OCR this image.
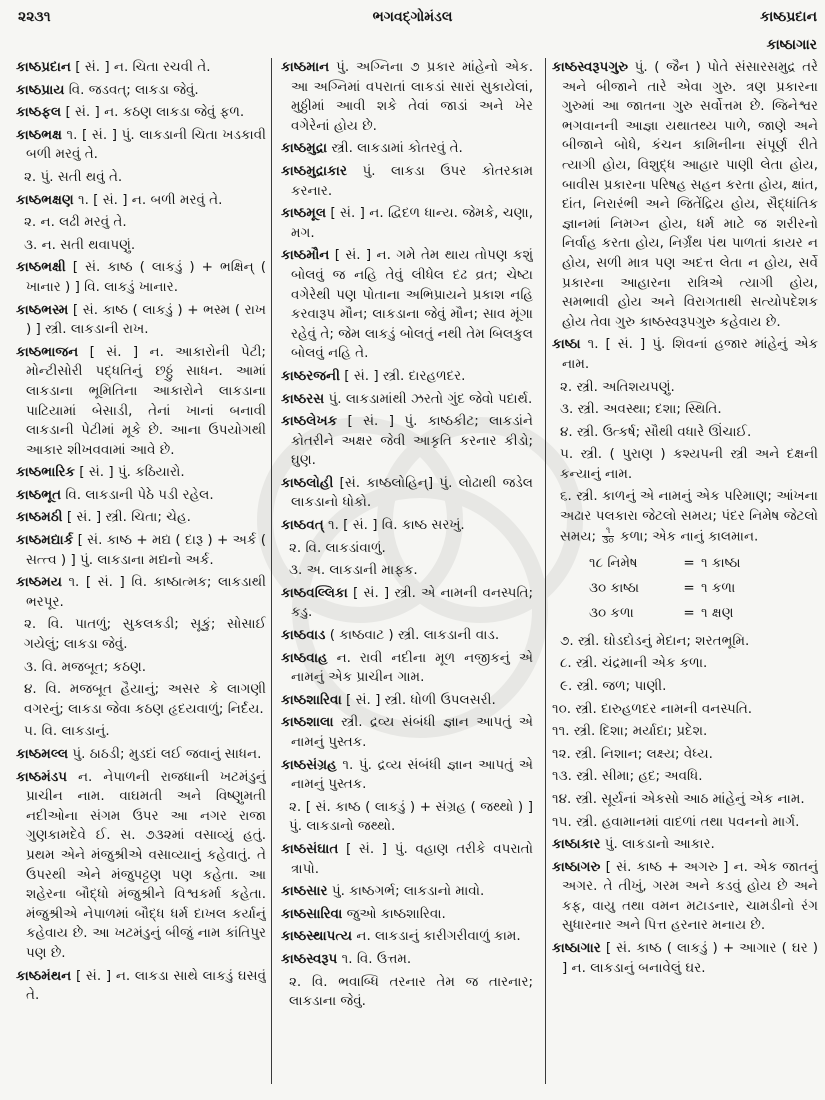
૨૨૩૧	ભગવદ્ગોમંડલ	કાષ્ઠપ્રદાન
કાષ્ઠાગાર

કાષ્ઠપ્રદાન [ સં. ] ન. ચિતા રચવી તે.

કાષ્ઠપ્રાય વિ. જડવત્; લાકડા જેવું.

કાષ્ઠફલ [ સં. ] ન. કઠણ લાકડા જેવું ફળ.

કાષ્ઠભક્ષ ૧. [ સં. ] પું. લાકડાની ચિતા ખડકાવી બળી મરવું તે.

૨. પું. સતી થવું તે.

કાષ્ઠભક્ષણ ૧. [ સં. ] ન. બળી મરવું તે.

૨. ન. લઢી મરવું તે.

૩. ન. સતી થવાપણું.

કાષ્ઠભક્ષી [ સં. કાષ્ઠ ( લાકડું ) + ભક્ષિન્ ( ખાનાર ) ] વિ. લાકડું ખાનાર.

કાષ્ઠભસ્મ [ સં. કાષ્ઠ ( લાકડું ) + ભસ્મ ( રાખ ) ] સ્ત્રી. લાકડાની રાખ.

કાષ્ઠભાજન [ સં. ] ન. આકારોની પેટી; મોન્ટીસોરી પદ્ધતિનું છઠ્ઠું સાધન. આમાં લાકડાના ભૂમિતિના આકારોને લાકડાના પાટિયામાં બેસાડી, તેનાં ખાનાં બનાવી લાકડાની પેટીમાં મૂકે છે. આના ઉપયોગથી આકાર શીખવવામાં આવે છે.

કાષ્ઠભારિક [ સં. ] પું. કઠિયારો.

કાષ્ઠભૂત વિ. લાકડાની પેઠે પડી રહેલ.

કાષ્ઠમઠી [ સં. ] સ્ત્રી. ચિતા; ચેહ.

કાષ્ઠમદ્યાર્ક [ સં. કાષ્ઠ + મદ્ય ( દારૂ ) + અર્ક ( સત્ત્વ ) ] પું. લાકડાના મદ્યનો અર્ક.

કાષ્ઠમય ૧. [ સં. ] વિ. કાષ્ઠાત્મક; લાકડાથી ભરપૂર.

૨. વિ. પાતળું; સુકલકડી; સૂકું; સોસાઈ ગયેલું; લાકડા જેવું.

૩. વિ. મજબૂત; કઠણ.

૪. વિ. મજબૂત હૈયાનું; અસર કે લાગણી વગરનું; લાકડા જેવા કઠણ હૃદયવાળું; નિર્દય.

૫. વિ. લાકડાનું.

કાષ્ઠમલ્લ પું. ઠાઠડી; મુડદાં લઈ જવાનું સાધન.

કાષ્ઠમંડપ ન. નેપાળની રાજધાની ખટમંડુનું પ્રાચીન નામ. વાઘમતી અને વિષ્ણુમતી નદીઓના સંગમ ઉપર આ નગર રાજા ગુણકામદેવે ઈ. સ. ૭૩૨માં વસાવ્યું હતું. પ્રથમ એને મંજુશ્રીએ વસાવ્યાનું કહેવાતું. તે ઉપરથી એને મંજુપટ્ટણ પણ કહેતા. આ શહેરના બૌદ્ધો મંજુશ્રીને વિશ્વકર્મા કહેતા. મંજુશ્રીએ નેપાળમાં બૌદ્ધ ધર્મ દાખલ કર્યાનું કહેવાય છે. આ ખટમંડુનું બીજું નામ કાંતિપુર પણ છે.

કાષ્ઠમંથન [ સં. ] ન. લાકડા સાથે લાકડું ઘસવું તે.

કાષ્ઠમાન પું. અગ્નિના ૭ પ્રકાર માંહેનો એક. આ અગ્નિમાં વપરાતાં લાકડાં સારાં સુકાયેલાં, મુઠ્ઠીમાં આવી શકે તેવાં જાડાં અને ખેર વગેરેનાં હોય છે.

કાષ્ઠમુદ્રા સ્ત્રી. લાકડામાં કોતરવું તે.

કાષ્ઠમુદ્રાકાર પું. લાકડા ઉપર કોતરકામ કરનાર.

કાષ્ઠમૂલ [ સં. ] ન. દ્વિદળ ધાન્ય. જેમકે, ચણા, મગ.

કાષ્ઠમૌન [ સં. ] ન. ગમે તેમ થાય તોપણ કશું બોલવું જ નહિ તેવું લીધેલ દઢ વ્રત; ચેષ્ટા વગેરેથી પણ પોતાના અભિપ્રાયને પ્રકાશ નહિ કરવારૂપ મૌન; લાકડાના જેવું મૌન; સાવ મૂંગા રહેવું તે; જેમ લાકડું બોલતું નથી તેમ બિલકુલ બોલવું નહિ તે.

કાષ્ઠરજની [ સં. ] સ્ત્રી. દારહળદર.

કાષ્ઠરસ પું. લાકડામાંથી ઝરતો ગુંદ જેવો પદાર્થ.

કાષ્ઠલેખક [ સં. ] પું. કાષ્ઠકીટ; લાકડાંને કોતરીને અક્ષર જેવી આકૃતિ કરનાર કીડો; ઘુણ.

કાષ્ઠલોહી [સં. કાષ્ઠલોહિન્] પું. લોઢાથી જડેલ લાકડાનો ધોકો.

કાષ્ઠવત્ ૧. [ સં. ] વિ. કાષ્ઠ સરખું.

૨. વિ. લાકડાંવાળું.

૩. અ. લાકડાની માફક.

કાષ્ઠવલ્લિકા [ સં. ] સ્ત્રી. એ નામની વનસ્પતિ; કડુ.

કાષ્ઠવાડ ( કાષ્ઠવાટ ) સ્ત્રી. લાકડાની વાડ.

કાષ્ઠવાહ ન. રાવી નદીના મૂળ નજીકનું એ નામનું એક પ્રાચીન ગામ.

કાષ્ઠશારિવા [ સં. ] સ્ત્રી. ધોળી ઉપલસરી.

કાષ્ઠશાલા સ્ત્રી. દ્રવ્ય સંબંધી જ્ઞાન આપતું એ નામનું પુસ્તક.

કાષ્ઠસંગ્રહ ૧. પું. દ્રવ્ય સંબંધી જ્ઞાન આપતું એ નામનું પુસ્તક.

૨. [ સં. કાષ્ઠ ( લાકડું ) + સંગ્રહ ( જથ્થો ) ] પું. લાકડાનો જથ્થો.

કાષ્ઠસંઘાત [ સં. ] પું. વહાણ તરીકે વપરાતો ત્રાપો.

કાષ્ઠસાર પું. કાષ્ઠગર્ભ; લાકડાનો માવો.

કાષ્ઠસારિવા જુઓ કાષ્ઠશારિવા.

કાષ્ઠસ્થાપત્ય ન. લાકડાનું કારીગરીવાળું કામ.

કાષ્ઠસ્વરૂપ ૧. વિ. ઉત્તમ.

૨. વિ. ભવાબ્ધિ તરનાર તેમ જ તારનાર; લાકડાના જેવું.

કાષ્ઠસ્વરૂપગુરુ પું. ( જૈન ) પોતે સંસારસમુદ્ર તરે અને બીજાને તારે એવા ગુરુ. ત્રણ પ્રકારના ગુરુમાં આ જાતના ગુરુ સર્વોત્તમ છે. જિનેશ્વર ભગવાનની આજ્ઞા યથાતથ્ય પાળે, જાણે અને બીજાને બોધે, કંચન કામિનીના સંપૂર્ણ રીતે ત્યાગી હોય, વિશુદ્ધ આહાર પાણી લેતા હોય, બાવીસ પ્રકારના પરિષહ સહન કરતા હોય, ક્ષાંત, દાંત, નિરારંભી અને જિતેંદ્રિય હોય, સૈદ્ધાંતિક જ્ઞાનમાં નિમગ્ન હોય, ધર્મ માટે જ શરીરનો નિર્વાહ કરતા હોય, નિર્ગ્રંથ પંથ પાળતાં કાયર ન હોય, સળી માત્ર પણ અદત્ત લેતા ન હોય, સર્વે પ્રકારના આહારના રાત્રિએ ત્યાગી હોય, સમભાવી હોય અને વિરાગતાથી સત્યોપદેશક હોય તેવા ગુરુ કાષ્ઠસ્વરૂપગુરુ કહેવાય છે.

કાષ્ઠા ૧. [ સં. ] પું. શિવનાં હજાર માંહેનું એક નામ.

૨. સ્ત્રી. અતિશયપણું.

૩. સ્ત્રી. અવસ્થા; દશા; સ્થિતિ.

૪. સ્ત્રી. ઉત્કર્ષ; સૌથી વધારે ઊંચાઈ.

૫. સ્ત્રી. ( પુરાણ ) કશ્યપની સ્ત્રી અને દક્ષની કન્યાનું નામ.

૬. સ્ત્રી. કાળનું એ નામનું એક પરિમાણ; આંખના અઢાર પલકારા જેટલો સમય; પંદર નિમેષ જેટલો સમય; $\frac{૧}{૩૦}$ કળા; એક નાનું કાલમાન.

૧૮ નિમેષ	= ૧ કાષ્ઠા
૩૦ કાષ્ઠા	= ૧ કળા
૩૦ કળા	= ૧ ક્ષણ

૭. સ્ત્રી. ઘોડદોડનું મેદાન; શરતભૂમિ.

૮. સ્ત્રી. ચંદ્રમાની એક કળા.

૯. સ્ત્રી. જળ; પાણી.

૧૦. સ્ત્રી. દારુહળદર નામની વનસ્પતિ.

૧૧. સ્ત્રી. દિશા; મર્યાદા; પ્રદેશ.

૧૨. સ્ત્રી. નિશાન; લક્ષ્ય; વેધ્ય.

૧૩. સ્ત્રી. સીમા; હદ; અવધિ.

૧૪. સ્ત્રી. સૂર્યનાં એકસો આઠ માંહેનું એક નામ.

૧૫. સ્ત્રી. હવામાનમાં વાદળાં તથા પવનનો માર્ગ.

કાષ્ઠાકાર પું. લાકડાનો આકાર.

કાષ્ઠાગરુ [ સં. કાષ્ઠ + અગરુ ] ન. એક જાતનું અગર. તે તીખું, ગરમ અને કડવું હોય છે અને કફ, વાયુ તથા વમન મટાડનાર, ચામડીનો રંગ સુધારનાર અને પિત્ત હરનાર મનાય છે.

કાષ્ઠાગાર [ સં. કાષ્ઠ ( લાકડું ) + આગાર ( ઘર ) ] ન. લાકડાનું બનાવેલું ઘર.
